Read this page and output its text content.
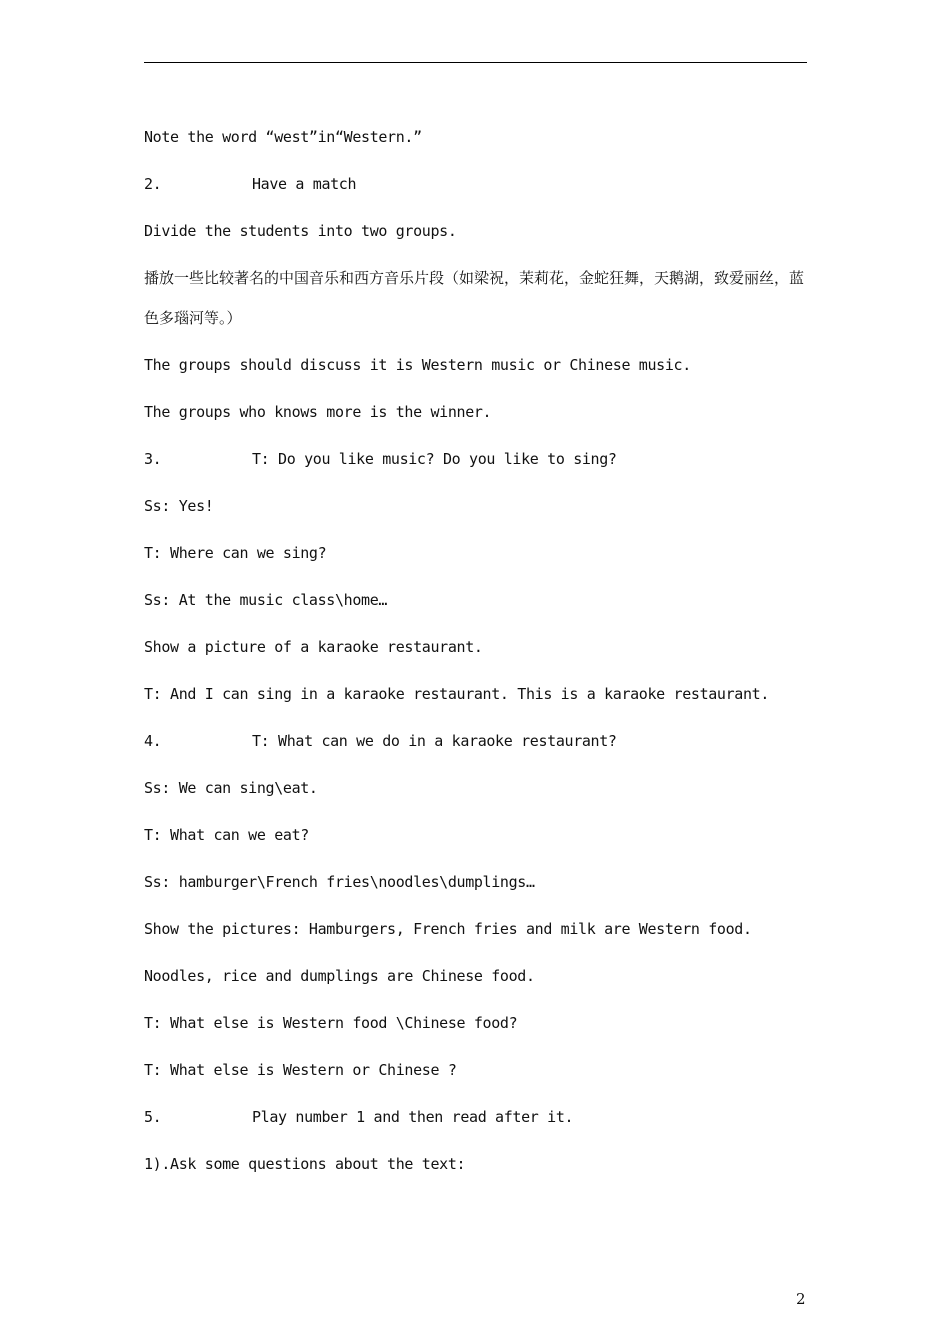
Note the word “west”in“Western.”
2.	Have a match
Divide the students into two groups.
播放一些比较著名的中国音乐和西方音乐片段（如梁祝，茉莉花，金蛇狂舞，天鹅湖，致爱丽丝，蓝色多瑙河等。）
The groups should discuss it is Western music or Chinese music.
The groups who knows more is the winner.
3.	T: Do you like music? Do you like to sing?
Ss: Yes!
T: Where can we sing?
Ss: At the music class\home…
Show a picture of a karaoke restaurant.
T: And I can sing in a karaoke restaurant. This is a karaoke restaurant.
4.	T: What can we do in a karaoke restaurant?
Ss: We can sing\eat.
T: What can we eat?
Ss: hamburger\French fries\noodles\dumplings…
Show the pictures: Hamburgers, French fries and milk are Western food.
Noodles, rice and dumplings are Chinese food.
T: What else is Western food \Chinese food?
T: What else is Western or Chinese ?
5.	Play number 1 and then read after it.
1).Ask some questions about the text:
2
